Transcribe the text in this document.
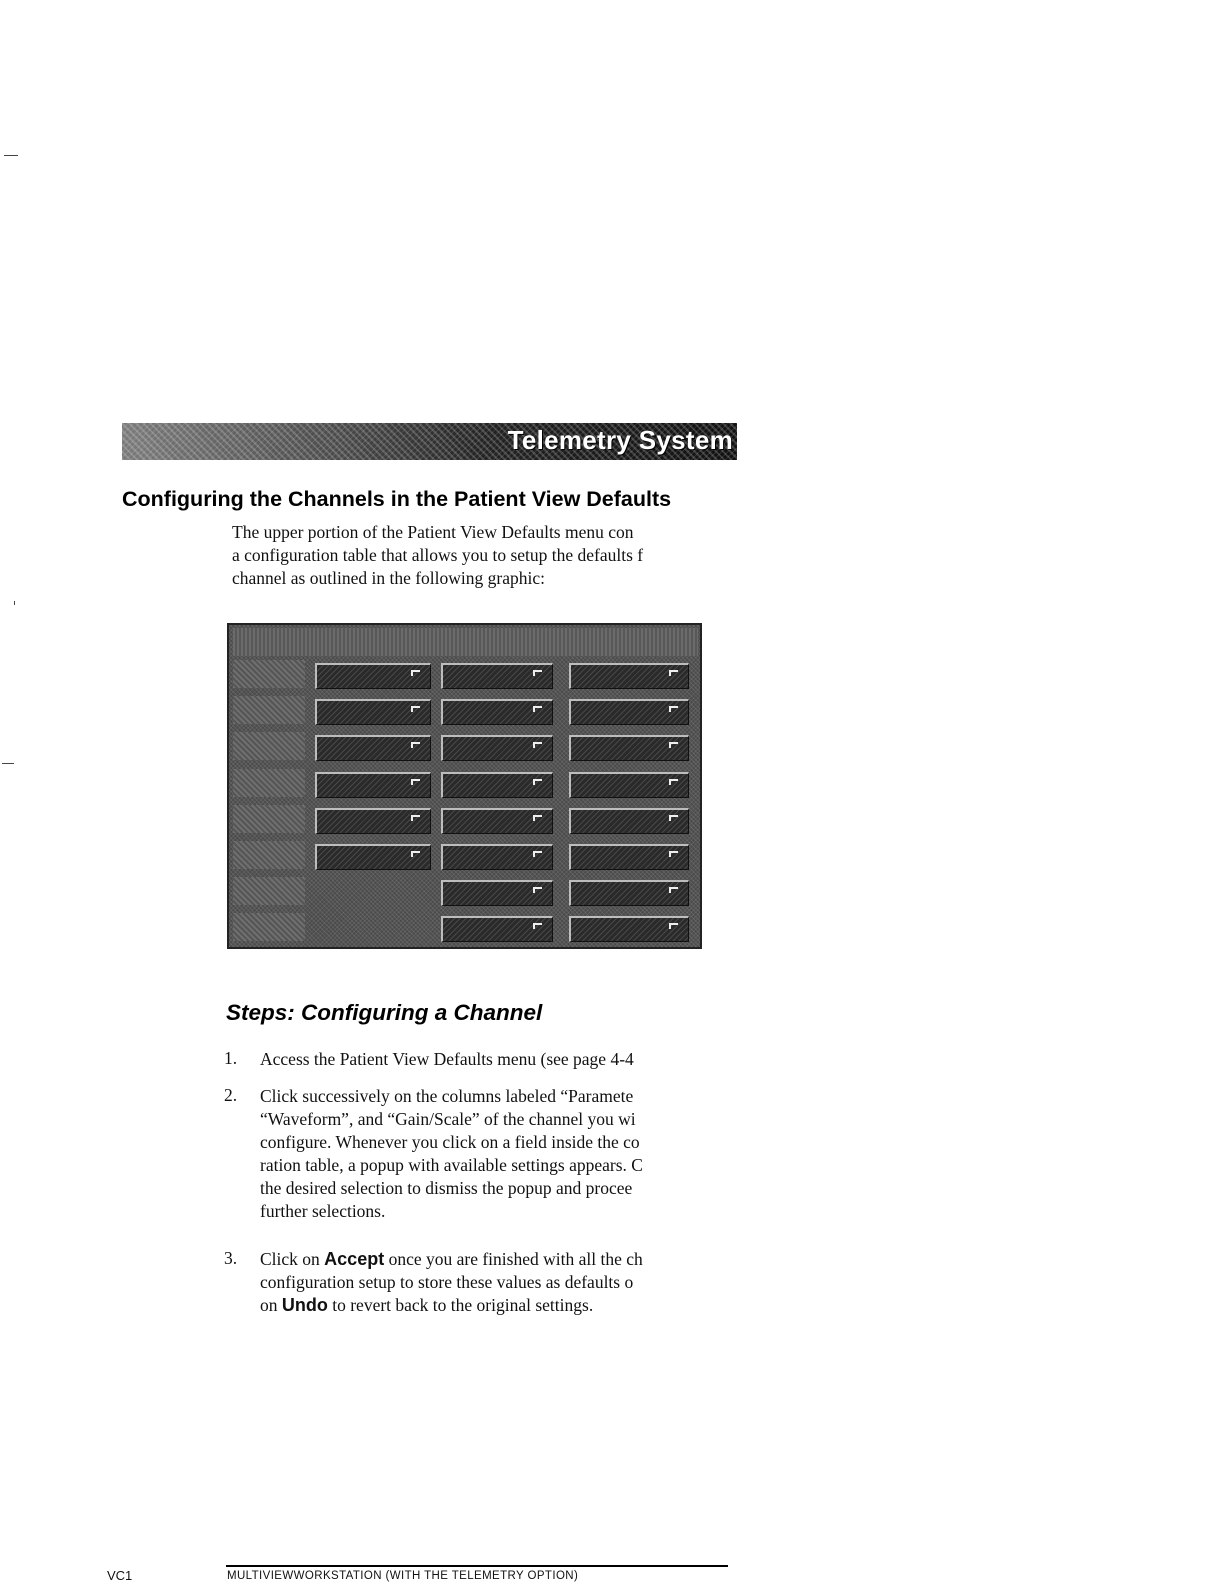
Telemetry System
Configuring the Channels in the Patient View Defaults
The upper portion of the Patient View Defaults menu con
a configuration table that allows you to setup the defaults f
channel as outlined in the following graphic:
Steps: Configuring a Channel
1. Access the Patient View Defaults menu (see page 4-4
2. Click successively on the columns labeled “Paramete
“Waveform”, and “Gain/Scale” of the channel you wi
configure. Whenever you click on a field inside the co
ration table, a popup with available settings appears. C
the desired selection to dismiss the popup and procee
further selections.
3. Click on Accept once you are finished with all the ch
configuration setup to store these values as defaults o
on Undo to revert back to the original settings.
VC1	MULTIVIEWWORKSTATION (WITH THE TELEMETRY OPTION)
